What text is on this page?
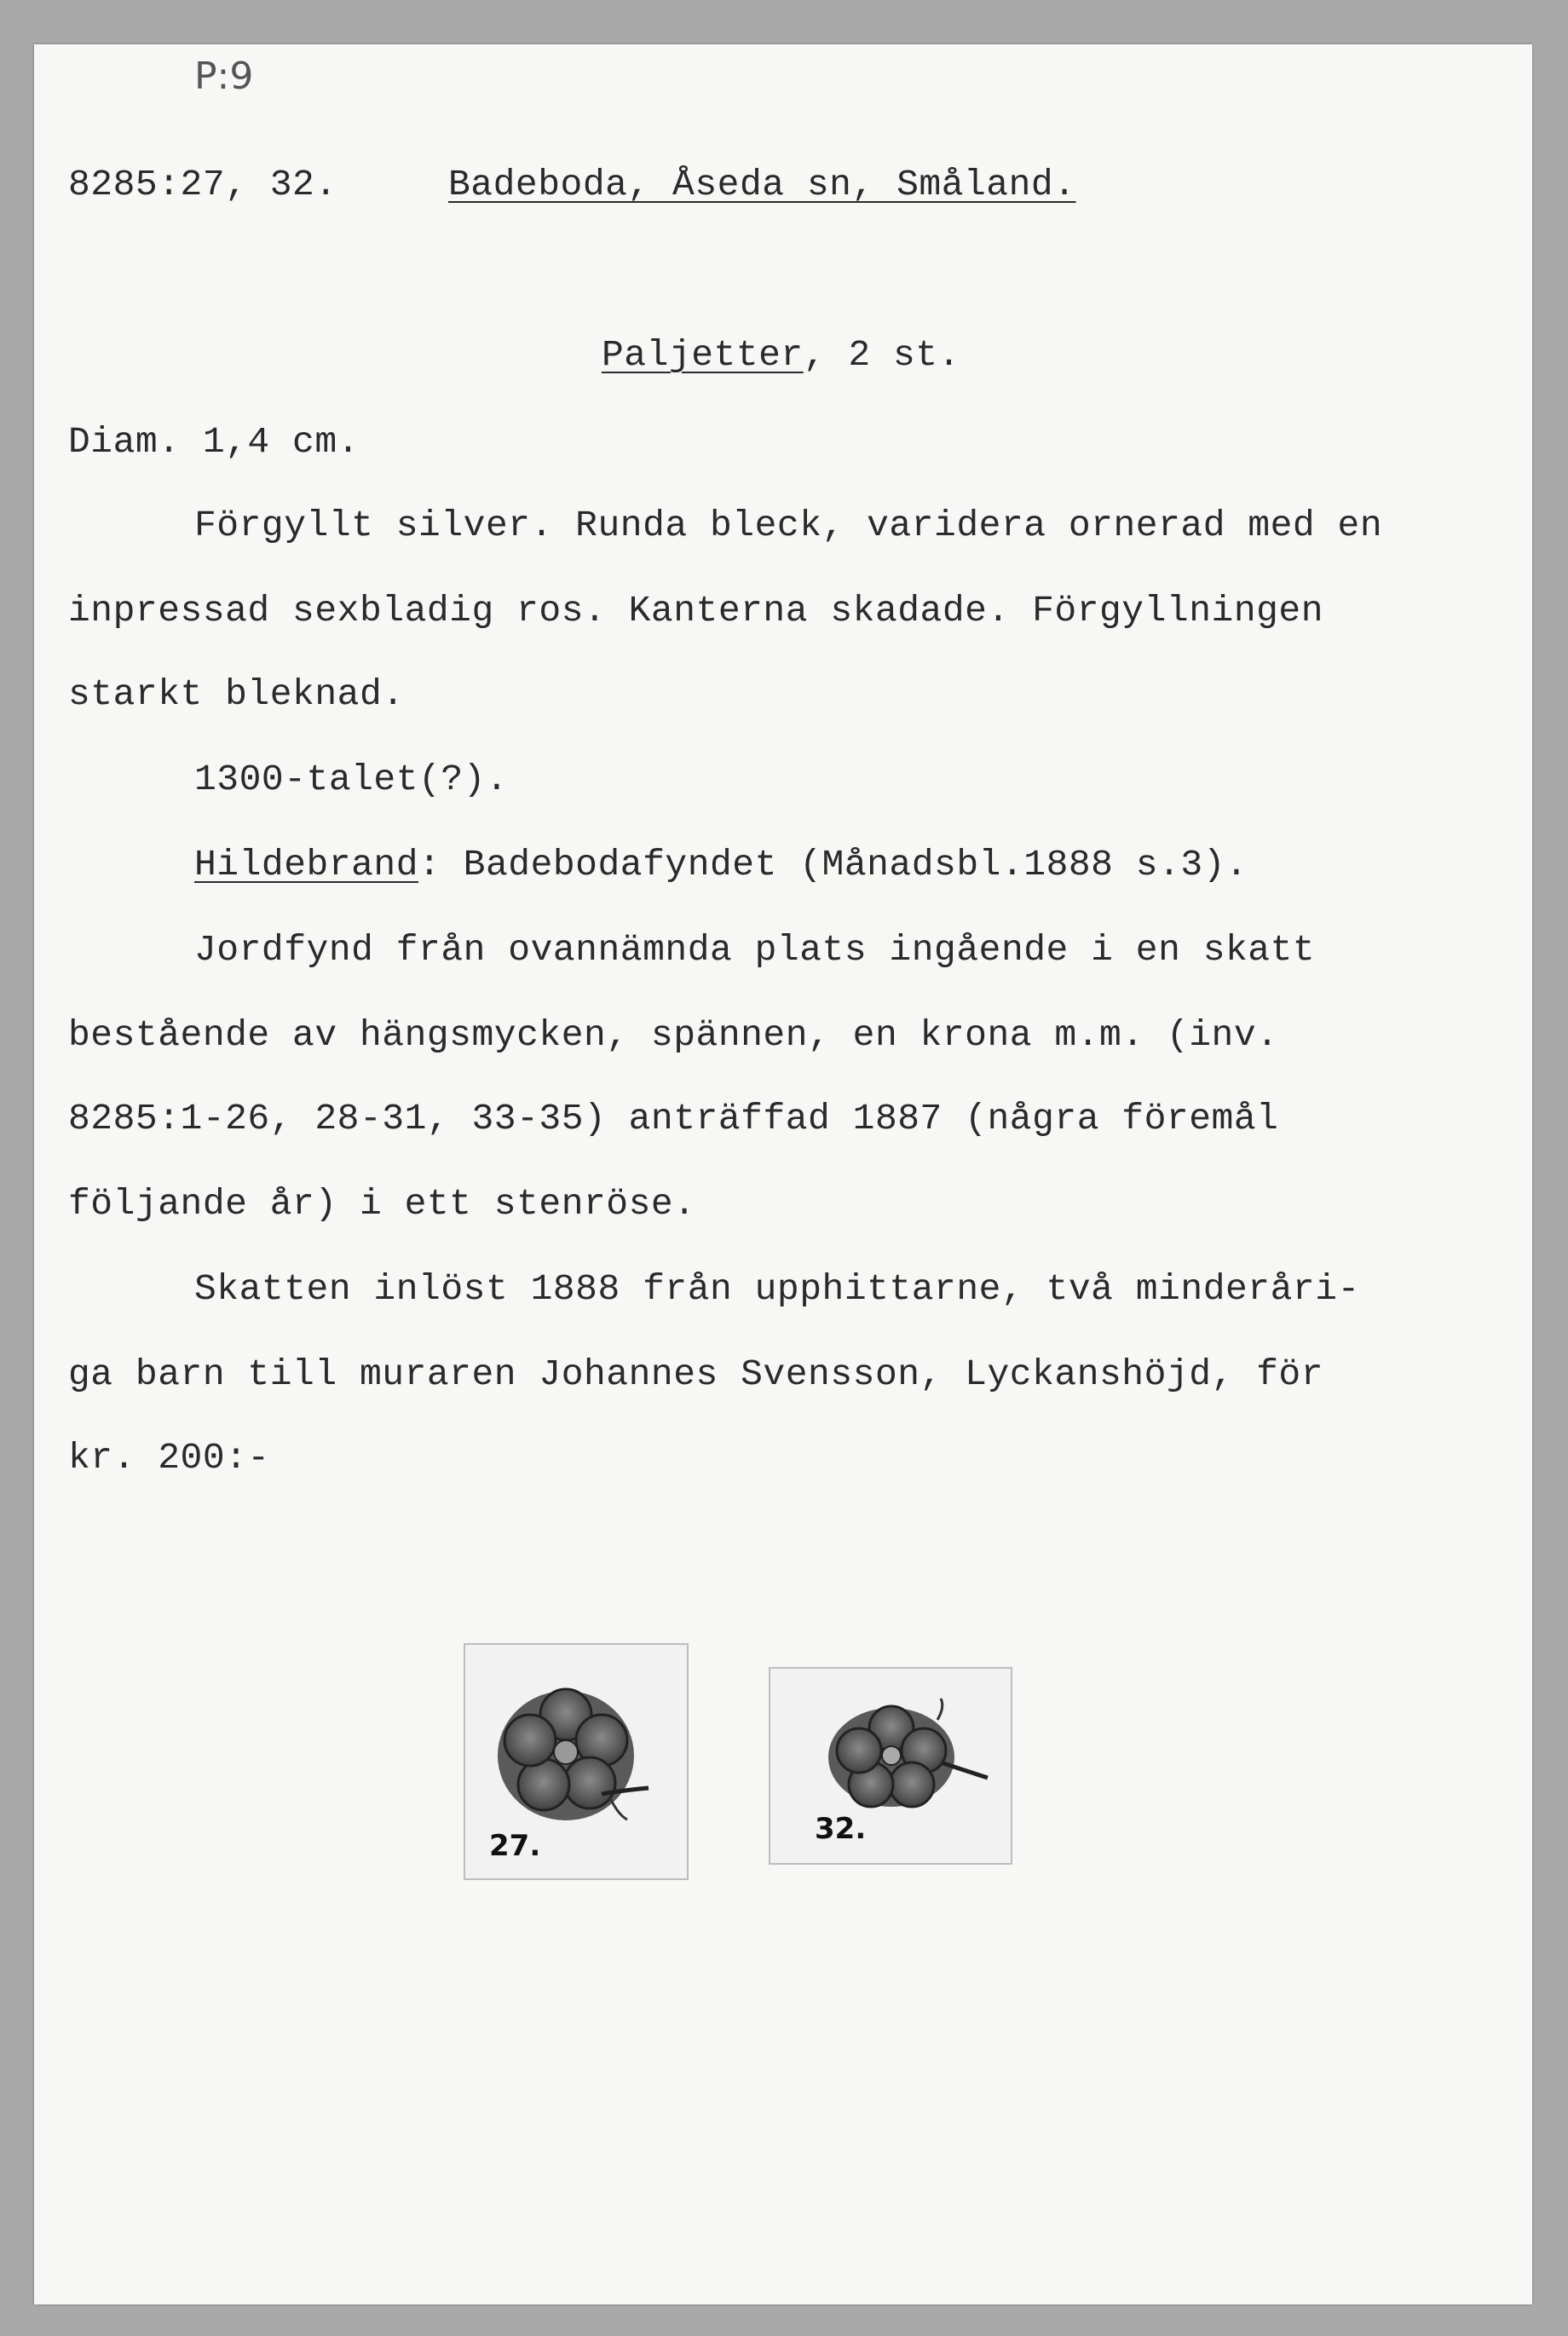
P:9
8285:27, 32.	Badeboda, Åseda sn, Småland.
Paljetter, 2 st.
Diam. 1,4 cm.
Förgyllt silver. Runda bleck, varidera ornerad med en
inpressad sexbladig ros. Kanterna skadade. Förgyllningen
starkt bleknad.
1300-talet(?).
Hildebrand: Badebodafyndet (Månadsbl.1888 s.3).
Jordfynd från ovannämnda plats ingående i en skatt
bestående av hängsmycken, spännen, en krona m.m. (inv.
8285:1-26, 28-31, 33-35) anträffad 1887 (några föremål
följande år) i ett stenröse.
Skatten inlöst 1888 från upphittarne, två minderåri-
ga barn till muraren Johannes Svensson, Lyckanshöjd, för
kr. 200:-
27.	32.
